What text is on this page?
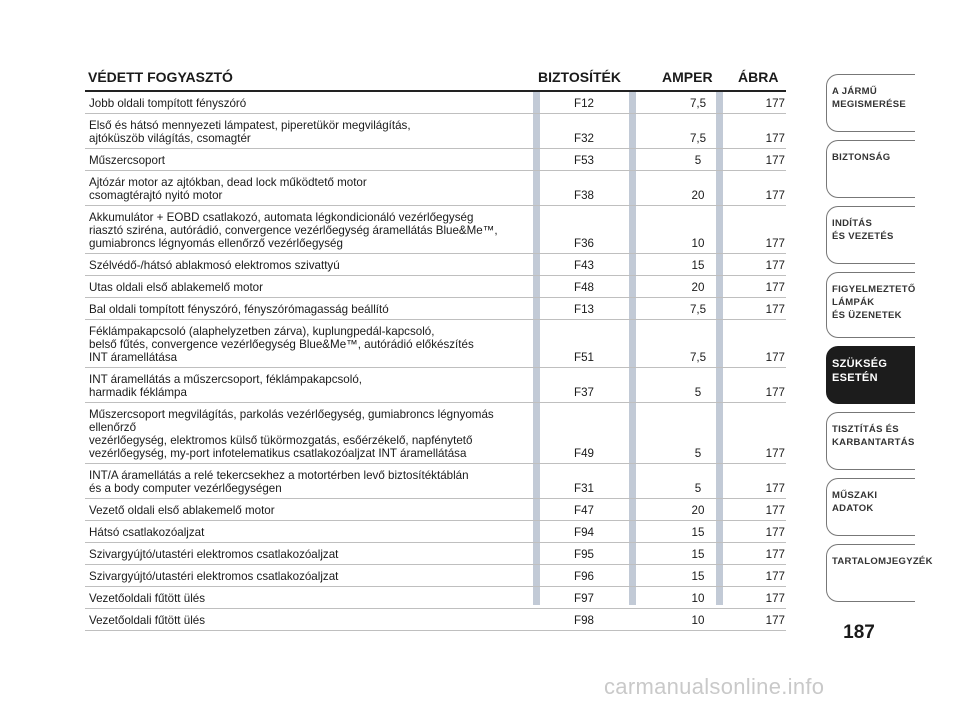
VÉDETT FOGYASZTÓ	BIZTOSÍTÉK	AMPER ÁBRA
Jobb oldali tompított fényszóró	F12	7,5	177
Első és hátsó mennyezeti lámpatest, piperetükör megvilágítás,
ajtóküszöb világítás, csomagtér	F32	7,5	177
Műszercsoport	F53	5	177
Ajtózár motor az ajtókban, dead lock működtető motor
csomagtérajtó nyitó motor	F38	20	177
Akkumulátor + EOBD csatlakozó, automata légkondicionáló vezérlőegység
riasztó sziréna, autórádió, convergence vezérlőegység áramellátás Blue&Me™,
gumiabroncs légnyomás ellenőrző vezérlőegység	F36	10	177
Szélvédő-/hátsó ablakmosó elektromos szivattyú	F43	15	177
Utas oldali első ablakemelő motor	F48	20	177
Bal oldali tompított fényszóró, fényszórómagasság beállító	F13	7,5	177
Féklámpakapcsoló (alaphelyzetben zárva), kuplungpedál-kapcsoló,
belső fűtés, convergence vezérlőegység Blue&Me™, autórádió előkészítés
INT áramellátása	F51	7,5	177
INT áramellátás a műszercsoport, féklámpakapcsoló,
harmadik féklámpa	F37	5	177
Műszercsoport megvilágítás, parkolás vezérlőegység, gumiabroncs légnyomás ellenőrző
vezérlőegység, elektromos külső tükörmozgatás, esőérzékelő, napfénytető
vezérlőegység, my-port infotelematikus csatlakozóaljzat INT áramellátása	F49	5	177
INT/A áramellátás a relé tekercsekhez a motortérben levő biztosítéktáblán
és a body computer vezérlőegységen	F31	5	177
Vezető oldali első ablakemelő motor	F47	20	177
Hátsó csatlakozóaljzat	F94	15	177
Szivargyújtó/utastéri elektromos csatlakozóaljzat	F95	15	177
Szivargyújtó/utastéri elektromos csatlakozóaljzat	F96	15	177
Vezetőoldali fűtött ülés	F97	10	177
Vezetőoldali fűtött ülés	F98	10	177
A JÁRMŰ
MEGISMERÉSE
BIZTONSÁG
INDÍTÁS
ÉS VEZETÉS
FIGYELMEZTETŐ
LÁMPÁK
ÉS ÜZENETEK
SZÜKSÉG
ESETÉN
TISZTÍTÁS ÉS
KARBANTARTÁS
MŰSZAKI
ADATOK
TARTALOMJEGYZÉK
187
carmanualsonline.info
